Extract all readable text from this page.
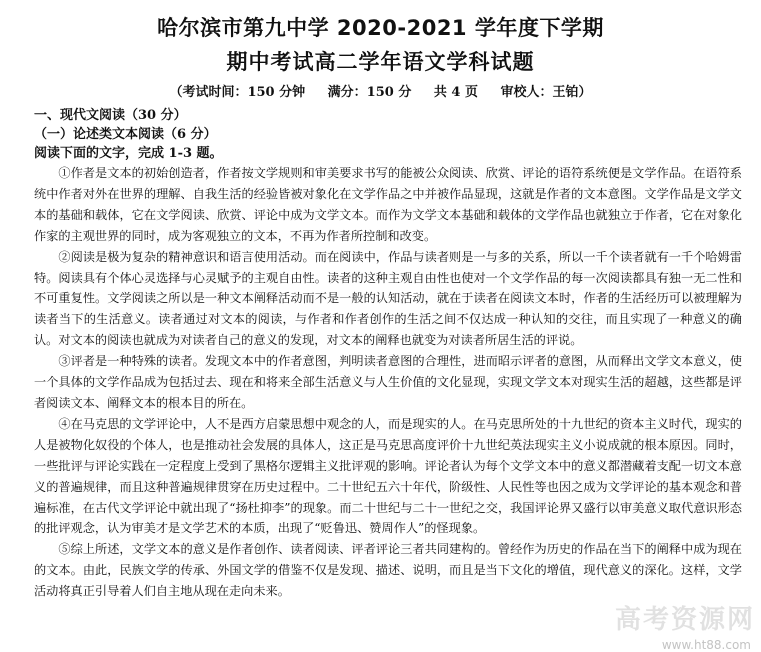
哈尔滨市第九中学 2020-2021 学年度下学期
期中考试高二学年语文学科试题
（考试时间：150 分钟 满分：150 分 共 4 页 审校人：王铂）
一、现代文阅读（30 分）
（一）论述类文本阅读（6 分）
阅读下面的文字，完成 1-3 题。

①作者是文本的初始创造者，作者按文学规则和审美要求书写的能被公众阅读、欣赏、评论的语符系统便是文学作品。在语符系统中作者对外在世界的理解、自我生活的经验皆被对象化在文学作品之中并被作品显现，这就是作者的文本意图。文学作品是文学文本的基础和载体，它在文学阅读、欣赏、评论中成为文学文本。而作为文学文本基础和载体的文学作品也就独立于作者，它在对象化作家的主观世界的同时，成为客观独立的文本，不再为作者所控制和改变。

②阅读是极为复杂的精神意识和语言使用活动。而在阅读中，作品与读者则是一与多的关系，所以一千个读者就有一千个哈姆雷特。阅读具有个体心灵选择与心灵赋予的主观自由性。读者的这种主观自由性也使对一个文学作品的每一次阅读都具有独一无二性和不可重复性。文学阅读之所以是一种文本阐释活动而不是一般的认知活动，就在于读者在阅读文本时，作者的生活经历可以被理解为读者当下的生活意义。读者通过对文本的阅读，与作者和作者创作的生活之间不仅达成一种认知的交往，而且实现了一种意义的确认。对文本的阅读也就成为对读者自己的意义的发现，对文本的阐释也就变为对读者所居生活的评说。

③评者是一种特殊的读者。发现文本中的作者意图，判明读者意图的合理性，进而昭示评者的意图，从而释出文学文本意义，使一个具体的文学作品成为包括过去、现在和将来全部生活意义与人生价值的文化显现，实现文学文本对现实生活的超越，这些都是评者阅读文本、阐释文本的根本目的所在。

④在马克思的文学评论中，人不是西方启蒙思想中观念的人，而是现实的人。在马克思所处的十九世纪的资本主义时代，现实的人是被物化奴役的个体人，也是推动社会发展的具体人，这正是马克思高度评价十九世纪英法现实主义小说成就的根本原因。同时，一些批评与评论实践在一定程度上受到了黑格尔逻辑主义批评观的影响。评论者认为每个文学文本中的意义都潜藏着支配一切文本意义的普遍规律，而且这种普遍规律贯穿在历史过程中。二十世纪五六十年代，阶级性、人民性等也因之成为文学评论的基本观念和普遍标准，在古代文学评论中就出现了“扬杜抑李”的现象。而二十世纪与二十一世纪之交，我国评论界又盛行以审美意义取代意识形态的批评观念，认为审美才是文学艺术的本质，出现了“贬鲁迅、赞周作人”的怪现象。

⑤综上所述，文学文本的意义是作者创作、读者阅读、评者评论三者共同建构的。曾经作为历史的作品在当下的阐释中成为现在的文本。由此，民族文学的传承、外国文学的借鉴不仅是发现、描述、说明，而且是当下文化的增值，现代意义的深化。这样，文学活动将真正引导着人们自主地从现在走向未来。

高考资源网
www.ht88.com
